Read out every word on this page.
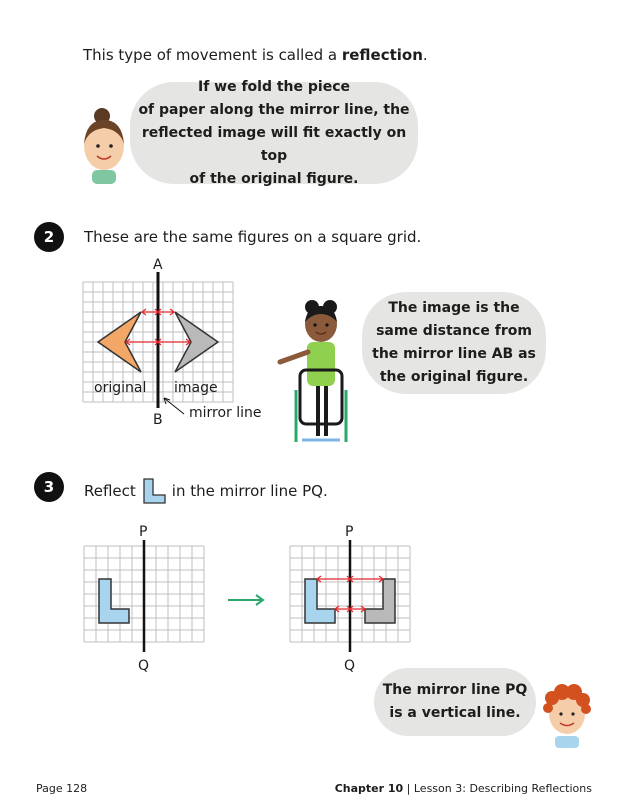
This type of movement is called a reflection.
If we fold the piece
of paper along the mirror line, the
reflected image will fit exactly on top
of the original figure.
2	These are the same figures on a square grid.
A
B
original image
mirror line
The image is the
same distance from
the mirror line AB as
the original figure.
3	Reflect in the mirror line PQ.
P
Q
P
Q
The mirror line PQ
is a vertical line.
Page 128	Chapter 10 | Lesson 3: Describing Reflections
